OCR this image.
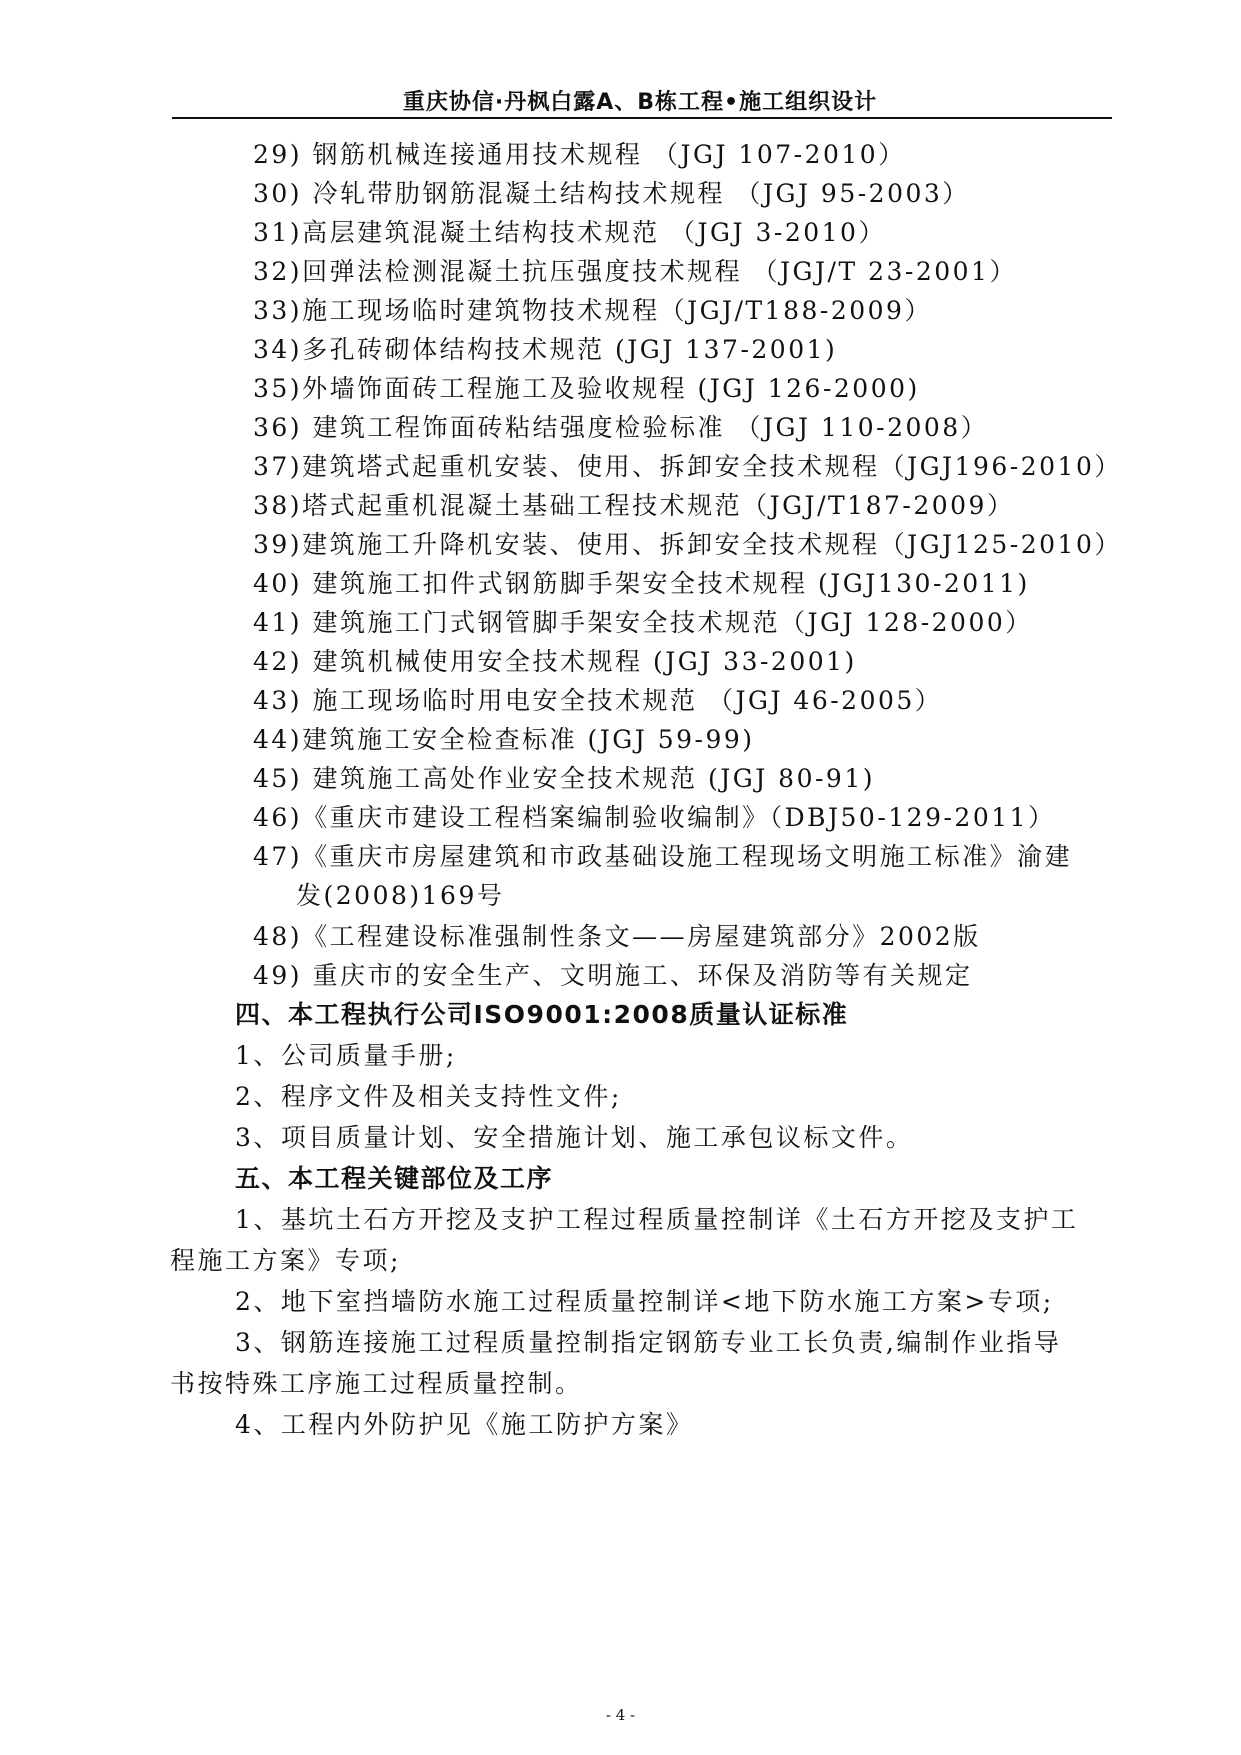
重庆协信·丹枫白露A、B栋工程•施工组织设计
29) 钢筋机械连接通用技术规程 （JGJ 107-2010）
30) 冷轧带肋钢筋混凝土结构技术规程 （JGJ 95-2003）
31)高层建筑混凝土结构技术规范 （JGJ 3-2010）
32)回弹法检测混凝土抗压强度技术规程 （JGJ/T 23-2001）
33)施工现场临时建筑物技术规程（JGJ/T188-2009）
34)多孔砖砌体结构技术规范 (JGJ 137-2001)
35)外墙饰面砖工程施工及验收规程 (JGJ 126-2000)
36) 建筑工程饰面砖粘结强度检验标准 （JGJ 110-2008）
37)建筑塔式起重机安装、使用、拆卸安全技术规程（JGJ196-2010）
38)塔式起重机混凝土基础工程技术规范（JGJ/T187-2009）
39)建筑施工升降机安装、使用、拆卸安全技术规程（JGJ125-2010）
40) 建筑施工扣件式钢筋脚手架安全技术规程 (JGJ130-2011)
41) 建筑施工门式钢管脚手架安全技术规范（JGJ 128-2000）
42) 建筑机械使用安全技术规程 (JGJ 33-2001)
43) 施工现场临时用电安全技术规范 （JGJ 46-2005）
44)建筑施工安全检查标准 (JGJ 59-99)
45) 建筑施工高处作业安全技术规范 (JGJ 80-91)
46)《重庆市建设工程档案编制验收编制》（DBJ50-129-2011）
47)《重庆市房屋建筑和市政基础设施工程现场文明施工标准》渝建
发(2008)169号
48)《工程建设标准强制性条文——房屋建筑部分》2002版
49) 重庆市的安全生产、文明施工、环保及消防等有关规定
四、本工程执行公司ISO9001:2008质量认证标准
1、公司质量手册;
2、程序文件及相关支持性文件;
3、项目质量计划、安全措施计划、施工承包议标文件。
五、本工程关键部位及工序
1、基坑土石方开挖及支护工程过程质量控制详《土石方开挖及支护工
程施工方案》专项;
2、地下室挡墙防水施工过程质量控制详<地下防水施工方案>专项;
3、钢筋连接施工过程质量控制指定钢筋专业工长负责,编制作业指导
书按特殊工序施工过程质量控制。
4、工程内外防护见《施工防护方案》
- 4 -
